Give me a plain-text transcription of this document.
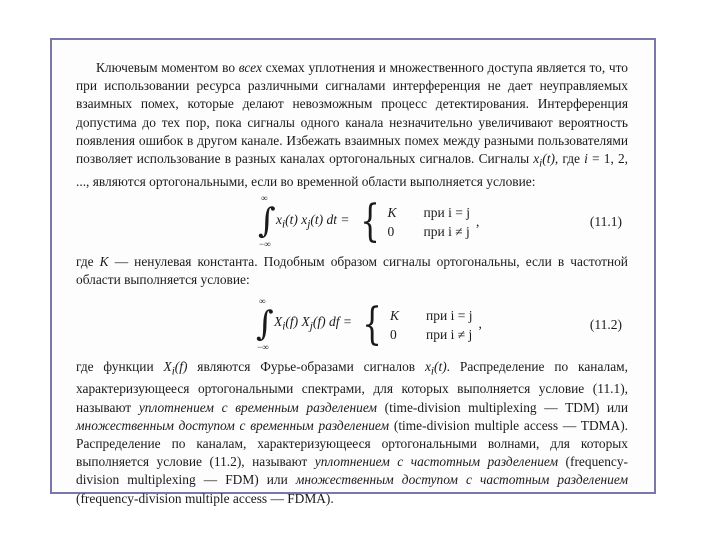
Ключевым моментом во всех схемах уплотнения и множественного доступа является то, что при использовании ресурса различными сигналами интерференция не дает неуправляемых взаимных помех, которые делают невозможным процесс детектирования. Интерференция допустима до тех пор, пока сигналы одного канала незначительно увеличивают вероятность появления ошибок в другом канале. Избежать взаимных помех между разными пользователями позволяет использование в разных каналах ортогональных сигналов. Сигналы $x_i(t)$, где i = 1, 2, ..., являются ортогональными, если во временной области выполняется условие:

∞
∫
−∞
$x_i(t)$ $x_j(t)$ dt = { K	при i = j
0	при i ≠ j
,	(11.1)

где K — ненулевая константа. Подобным образом сигналы ортогональны, если в частотной области выполняется условие:

∞
∫
−∞
$X_i(f)$ $X_j(f)$ df = { K	при i = j
0	при i ≠ j
,	(11.2)

где функции $X_i(f)$ являются Фурье-образами сигналов $x_i(t)$. Распределение по каналам, характеризующееся ортогональными спектрами, для которых выполняется условие (11.1), называют уплотнением с временным разделением (time-division multiplexing — TDM) или множественным доступом с временным разделением (time-division multiple access — TDMA). Распределение по каналам, характеризующееся ортогональными волнами, для которых выполняется условие (11.2), называют уплотнением с частотным разделением (frequency-division multiplexing — FDM) или множественным доступом с частотным разделением (frequency-division multiple access — FDMA).
